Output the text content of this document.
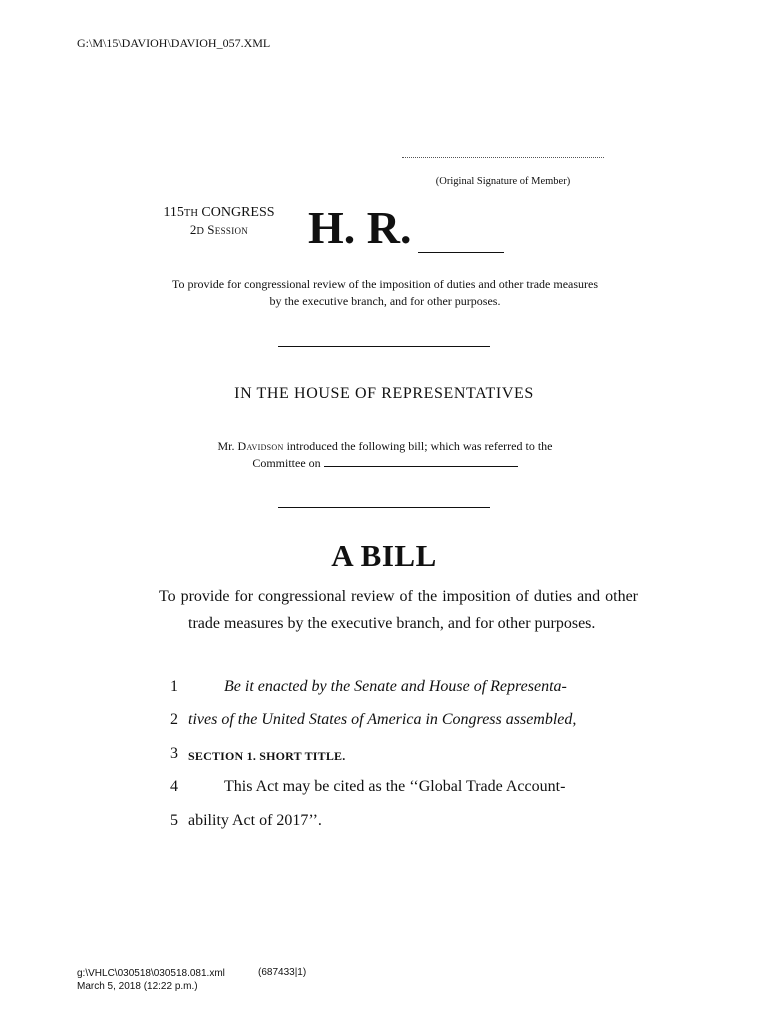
G:\M\15\DAVIOH\DAVIOH_057.XML
(Original Signature of Member)
115TH CONGRESS
2D Session	H. R.
To provide for congressional review of the imposition of duties and other trade measures by the executive branch, and for other purposes.
IN THE HOUSE OF REPRESENTATIVES
Mr. Davidson introduced the following bill; which was referred to the
Committee on
A BILL
To provide for congressional review of the imposition of duties and other trade measures by the executive branch, and for other purposes.
1	Be it enacted by the Senate and House of Representa-
2 tives of the United States of America in Congress assembled,
3 SECTION 1. SHORT TITLE.
4	This Act may be cited as the ‘‘Global Trade Account-
5 ability Act of 2017’’.
g:\VHLC\030518\030518.081.xml
March 5, 2018 (12:22 p.m.)
(687433|1)
